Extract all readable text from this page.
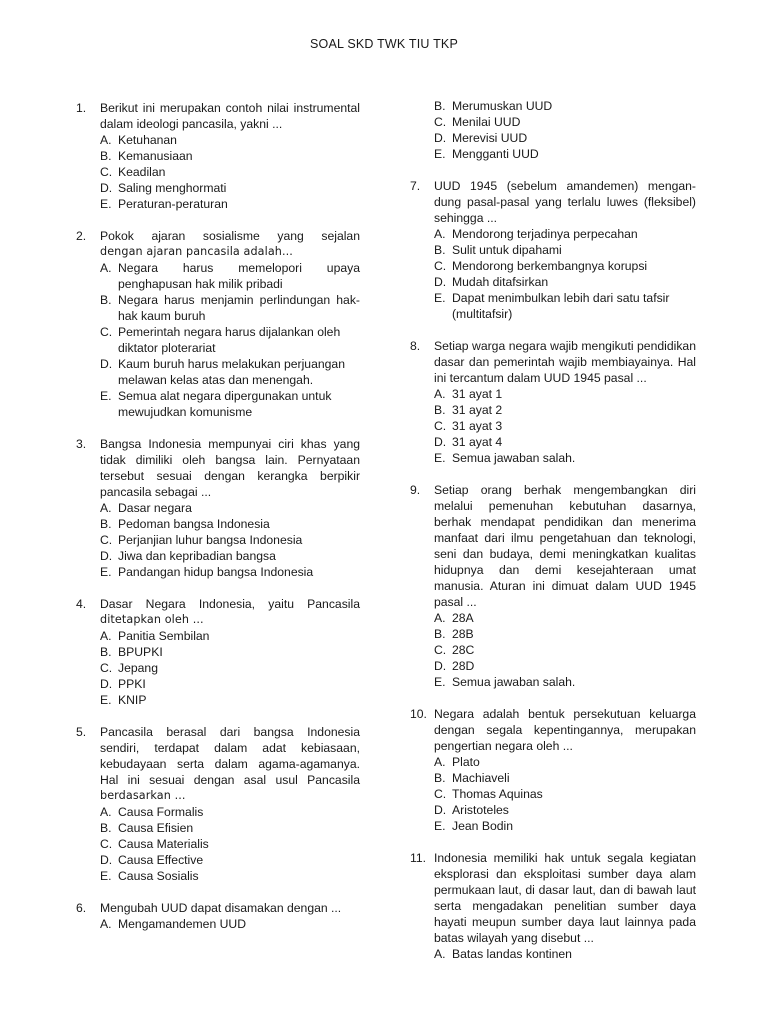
SOAL SKD TWK TIU TKP
1. Berikut ini merupakan contoh nilai instrumental dalam ideologi pancasila, yakni ...
A. Ketuhanan
B. Kemanusiaan
C. Keadilan
D. Saling menghormati
E. Peraturan-peraturan
2. Pokok ajaran sosialisme yang sejalan
dengan ajaran pancasila adalah...
A. Negara harus memelopori upaya penghapusan hak milik pribadi
B. Negara harus menjamin perlindungan hak-hak kaum buruh
C. Pemerintah negara harus dijalankan oleh diktator ploterariat
D. Kaum buruh harus melakukan perjuangan melawan kelas atas dan menengah.
E. Semua alat negara dipergunakan untuk mewujudkan komunisme
3. Bangsa Indonesia mempunyai ciri khas yang tidak dimiliki oleh bangsa lain. Pernyataan tersebut sesuai dengan kerangka berpikir pancasila sebagai ...
A. Dasar negara
B. Pedoman bangsa Indonesia
C. Perjanjian luhur bangsa Indonesia
D. Jiwa dan kepribadian bangsa
E. Pandangan hidup bangsa Indonesia
4. Dasar Negara Indonesia, yaitu Pancasila
ditetapkan oleh ...
A. Panitia Sembilan
B. BPUPKI
C. Jepang
D. PPKI
E. KNIP
5. Pancasila berasal dari bangsa Indonesia sendiri, terdapat dalam adat kebiasaan, kebudayaan serta dalam agama-agamanya. Hal ini sesuai dengan asal usul Pancasila
berdasarkan ...
A. Causa Formalis
B. Causa Efisien
C. Causa Materialis
D. Causa Effective
E. Causa Sosialis
6. Mengubah UUD dapat disamakan dengan ...
A. Mengamandemen UUD
B. Merumuskan UUD
C. Menilai UUD
D. Merevisi UUD
E. Mengganti UUD
7. UUD 1945 (sebelum amandemen) mengan-dung pasal-pasal yang terlalu luwes (fleksibel) sehingga ...
A. Mendorong terjadinya perpecahan
B. Sulit untuk dipahami
C. Mendorong berkembangnya korupsi
D. Mudah ditafsirkan
E. Dapat menimbulkan lebih dari satu tafsir (multitafsir)
8. Setiap warga negara wajib mengikuti pendidikan dasar dan pemerintah wajib membiayainya. Hal ini tercantum dalam UUD 1945 pasal ...
A. 31 ayat 1
B. 31 ayat 2
C. 31 ayat 3
D. 31 ayat 4
E. Semua jawaban salah.
9. Setiap orang berhak mengembangkan diri melalui pemenuhan kebutuhan dasarnya, berhak mendapat pendidikan dan menerima manfaat dari ilmu pengetahuan dan teknologi, seni dan budaya, demi meningkatkan kualitas hidupnya dan demi kesejahteraan umat manusia. Aturan ini dimuat dalam UUD 1945 pasal ...
A. 28A
B. 28B
C. 28C
D. 28D
E. Semua jawaban salah.
10. Negara adalah bentuk persekutuan keluarga dengan segala kepentingannya, merupakan pengertian negara oleh ...
A. Plato
B. Machiaveli
C. Thomas Aquinas
D. Aristoteles
E. Jean Bodin
11. Indonesia memiliki hak untuk segala kegiatan eksplorasi dan eksploitasi sumber daya alam permukaan laut, di dasar laut, dan di bawah laut serta mengadakan penelitian sumber daya hayati meupun sumber daya laut lainnya pada batas wilayah yang disebut ...
A. Batas landas kontinen
